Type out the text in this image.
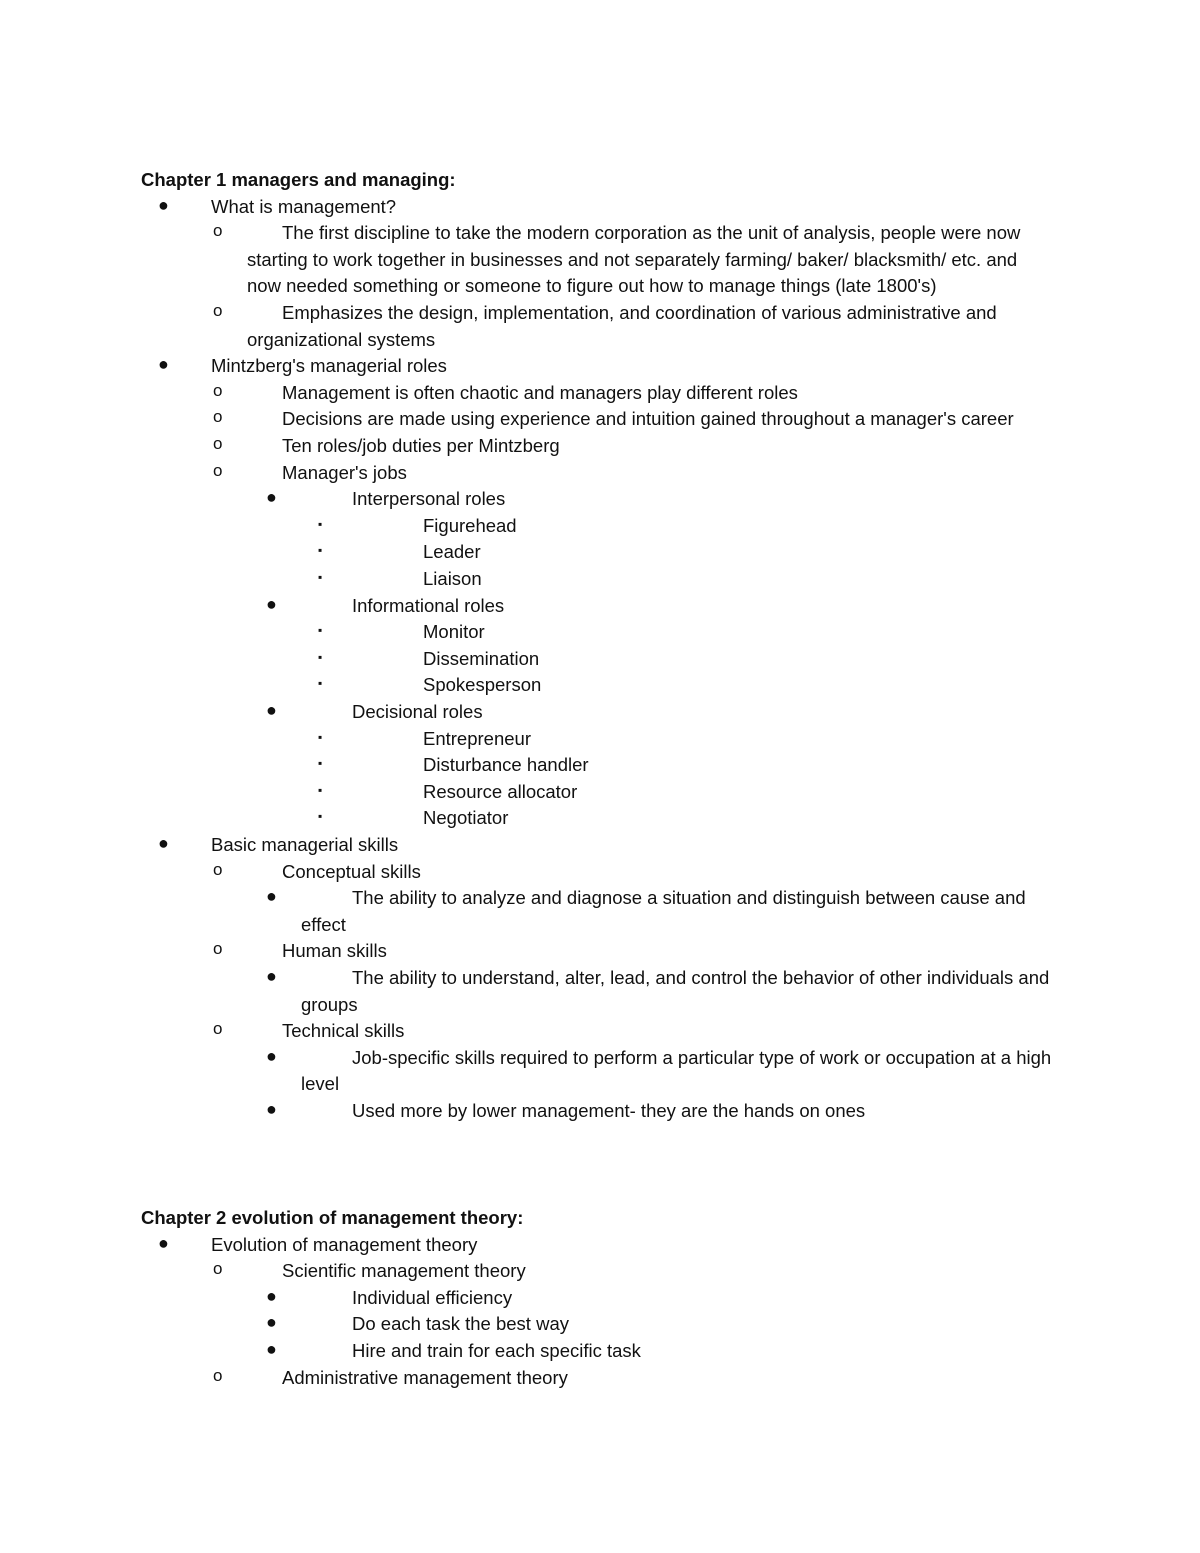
Chapter 1 managers and managing:
● What is management?
o	The first discipline to take the modern corporation as the unit of analysis, people were now
starting to work together in businesses and not separately farming/ baker/ blacksmith/ etc. and
now needed something or someone to figure out how to manage things (late 1800's)
o	Emphasizes the design, implementation, and coordination of various administrative and
organizational systems
● Mintzberg's managerial roles
o	Management is often chaotic and managers play different roles
o	Decisions are made using experience and intuition gained throughout a manager's career
o	Ten roles/job duties per Mintzberg
o	Manager's jobs
●	Interpersonal roles
▪	Figurehead
▪	Leader
▪	Liaison
●	Informational roles
▪	Monitor
▪	Dissemination
▪	Spokesperson
●	Decisional roles
▪	Entrepreneur
▪	Disturbance handler
▪	Resource allocator
▪	Negotiator
● Basic managerial skills
o	Conceptual skills
●	The ability to analyze and diagnose a situation and distinguish between cause and
effect
o	Human skills
●	The ability to understand, alter, lead, and control the behavior of other individuals and
groups
o	Technical skills
●	Job-specific skills required to perform a particular type of work or occupation at a high
level
●	Used more by lower management- they are the hands on ones
Chapter 2 evolution of management theory:
● Evolution of management theory
o	Scientific management theory
●	Individual efficiency
●	Do each task the best way
●	Hire and train for each specific task
o	Administrative management theory
